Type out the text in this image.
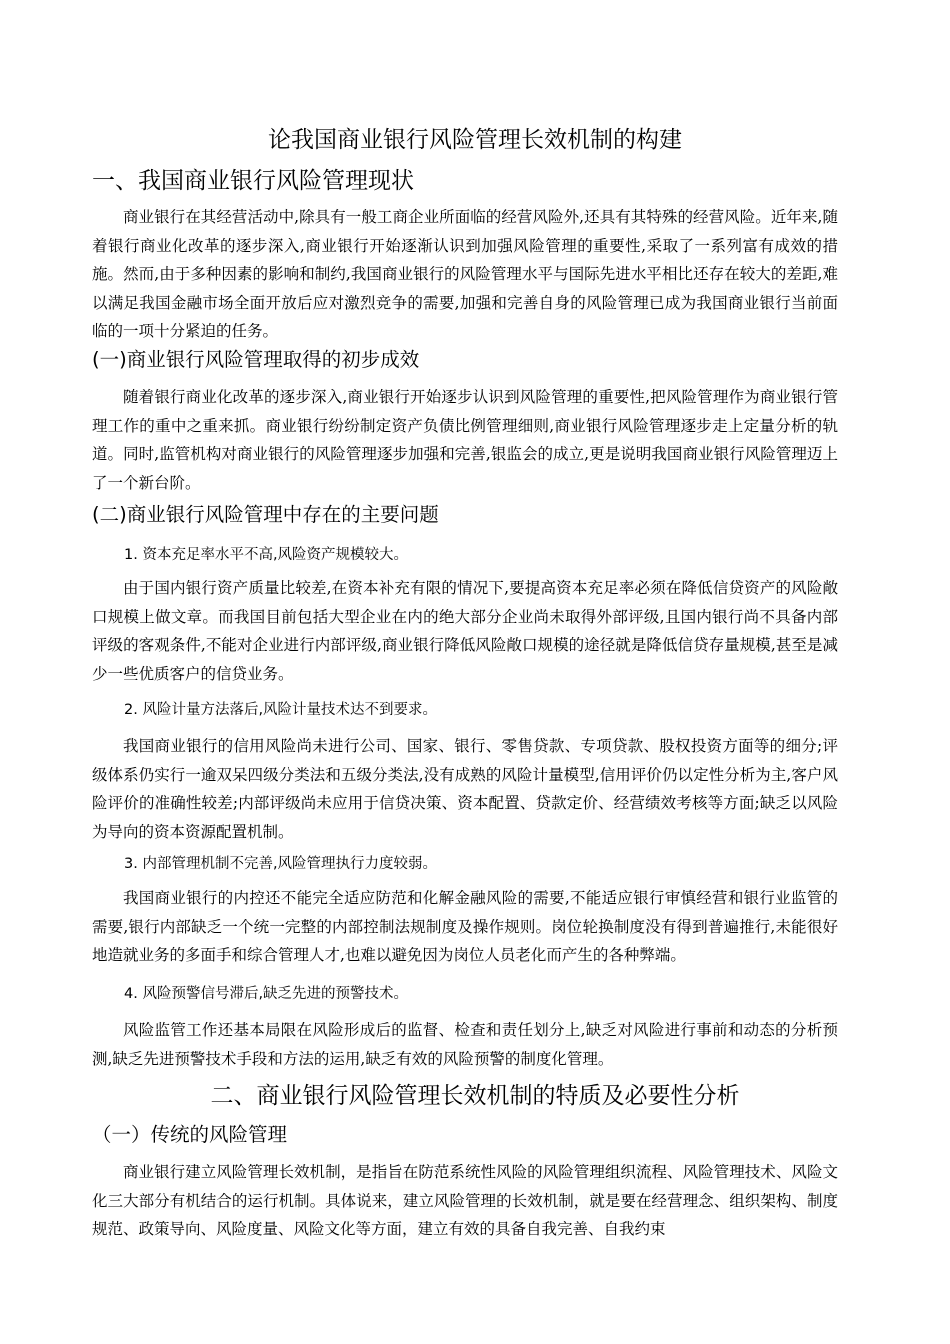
论我国商业银行风险管理长效机制的构建
一、我国商业银行风险管理现状

商业银行在其经营活动中,除具有一般工商企业所面临的经营风险外,还具有其特殊的经营风险。近年来,随着银行商业化改革的逐步深入,商业银行开始逐渐认识到加强风险管理的重要性,采取了一系列富有成效的措施。然而,由于多种因素的影响和制约,我国商业银行的风险管理水平与国际先进水平相比还存在较大的差距,难以满足我国金融市场全面开放后应对激烈竞争的需要,加强和完善自身的风险管理已成为我国商业银行当前面临的一项十分紧迫的任务。

(一)商业银行风险管理取得的初步成效

随着银行商业化改革的逐步深入,商业银行开始逐步认识到风险管理的重要性,把风险管理作为商业银行管理工作的重中之重来抓。商业银行纷纷制定资产负债比例管理细则,商业银行风险管理逐步走上定量分析的轨道。同时,监管机构对商业银行的风险管理逐步加强和完善,银监会的成立,更是说明我国商业银行风险管理迈上了一个新台阶。

(二)商业银行风险管理中存在的主要问题
1. 资本充足率水平不高,风险资产规模较大。

由于国内银行资产质量比较差,在资本补充有限的情况下,要提高资本充足率必须在降低信贷资产的风险敞口规模上做文章。而我国目前包括大型企业在内的绝大部分企业尚未取得外部评级,且国内银行尚不具备内部评级的客观条件,不能对企业进行内部评级,商业银行降低风险敞口规模的途径就是降低信贷存量规模,甚至是减少一些优质客户的信贷业务。

2. 风险计量方法落后,风险计量技术达不到要求。

我国商业银行的信用风险尚未进行公司、国家、银行、零售贷款、专项贷款、股权投资方面等的细分;评级体系仍实行一逾双呆四级分类法和五级分类法,没有成熟的风险计量模型,信用评价仍以定性分析为主,客户风险评价的准确性较差;内部评级尚未应用于信贷决策、资本配置、贷款定价、经营绩效考核等方面;缺乏以风险为导向的资本资源配置机制。

3. 内部管理机制不完善,风险管理执行力度较弱。

我国商业银行的内控还不能完全适应防范和化解金融风险的需要,不能适应银行审慎经营和银行业监管的需要,银行内部缺乏一个统一完整的内部控制法规制度及操作规则。岗位轮换制度没有得到普遍推行,未能很好地造就业务的多面手和综合管理人才,也难以避免因为岗位人员老化而产生的各种弊端。

4. 风险预警信号滞后,缺乏先进的预警技术。

风险监管工作还基本局限在风险形成后的监督、检查和责任划分上,缺乏对风险进行事前和动态的分析预测,缺乏先进预警技术手段和方法的运用,缺乏有效的风险预警的制度化管理。

二、商业银行风险管理长效机制的特质及必要性分析
（一）传统的风险管理

商业银行建立风险管理长效机制，是指旨在防范系统性风险的风险管理组织流程、风险管理技术、风险文化三大部分有机结合的运行机制。具体说来，建立风险管理的长效机制，就是要在经营理念、组织架构、制度规范、政策导向、风险度量、风险文化等方面，建立有效的具备自我完善、自我约束
